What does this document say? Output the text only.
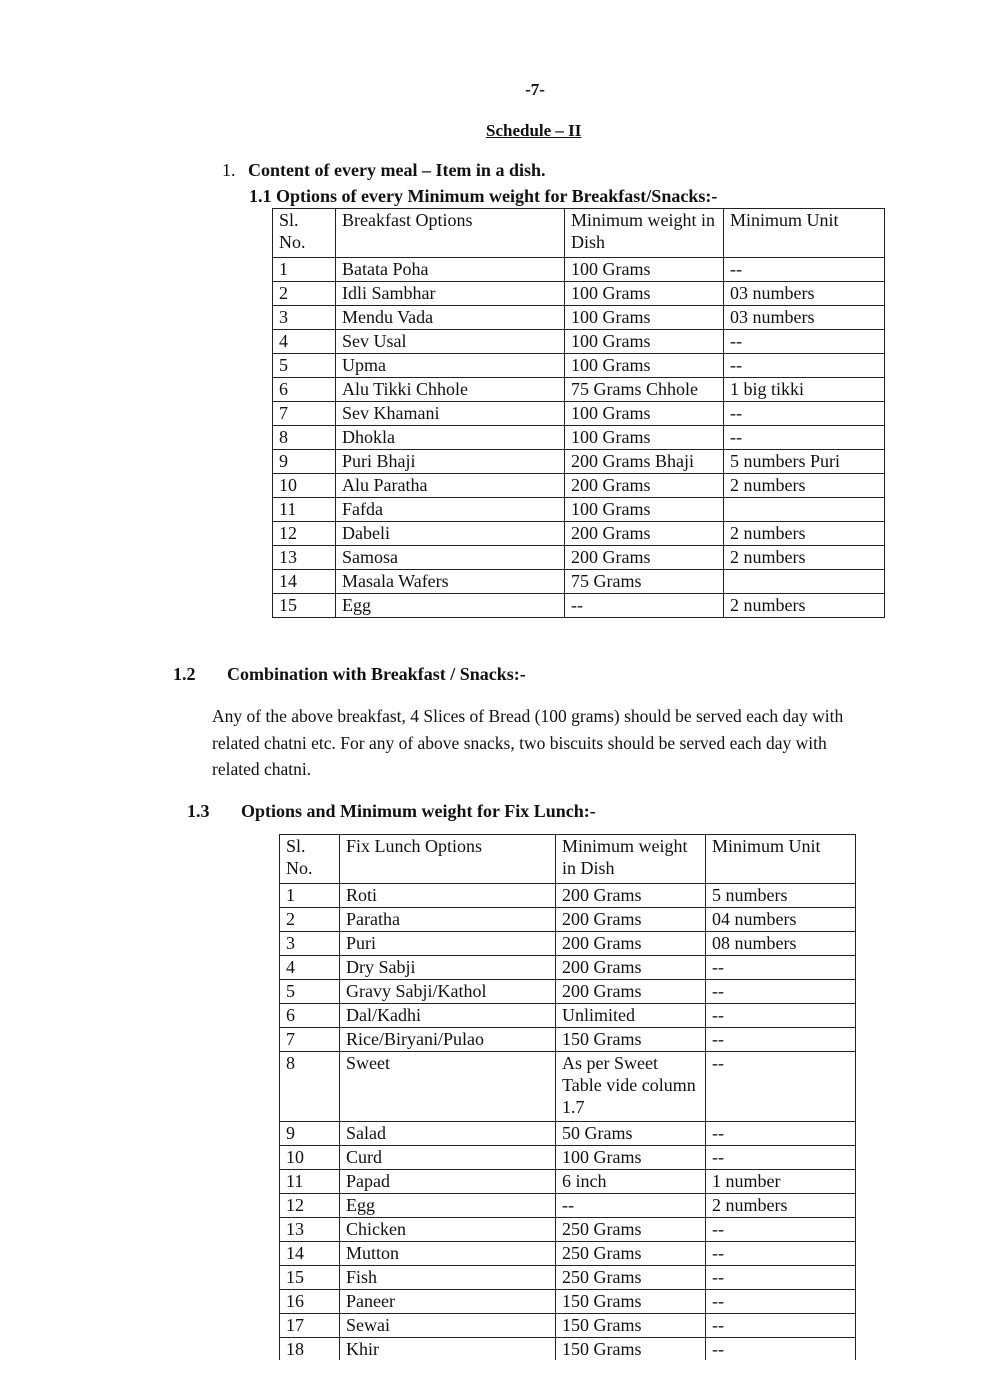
-7-
Schedule – II
1. Content of every meal – Item in a dish.
1.1 Options of every Minimum weight for Breakfast/Snacks:-
Sl. No.	Breakfast Options	Minimum weight in Dish	Minimum Unit
1	Batata Poha	100 Grams	--
2	Idli Sambhar	100 Grams	03 numbers
3	Mendu Vada	100 Grams	03 numbers
4	Sev Usal	100 Grams	--
5	Upma	100 Grams	--
6	Alu Tikki Chhole	75 Grams Chhole	1 big tikki
7	Sev Khamani	100 Grams	--
8	Dhokla	100 Grams	--
9	Puri Bhaji	200 Grams Bhaji	5 numbers Puri
10	Alu Paratha	200 Grams	2 numbers
11	Fafda	100 Grams	
12	Dabeli	200 Grams	2 numbers
13	Samosa	200 Grams	2 numbers
14	Masala Wafers	75 Grams	
15	Egg	--	2 numbers
1.2 Combination with Breakfast / Snacks:-
Any of the above breakfast, 4 Slices of Bread (100 grams) should be served each day with related chatni etc. For any of above snacks, two biscuits should be served each day with related chatni.
1.3 Options and Minimum weight for Fix Lunch:-
Sl. No.	Fix Lunch Options	Minimum weight in Dish	Minimum Unit
1	Roti	200 Grams	5 numbers
2	Paratha	200 Grams	04 numbers
3	Puri	200 Grams	08 numbers
4	Dry Sabji	200 Grams	--
5	Gravy Sabji/Kathol	200 Grams	--
6	Dal/Kadhi	Unlimited	--
7	Rice/Biryani/Pulao	150 Grams	--
8	Sweet	As per Sweet Table vide column 1.7	--
9	Salad	50 Grams	--
10	Curd	100 Grams	--
11	Papad	6 inch	1 number
12	Egg	--	2 numbers
13	Chicken	250 Grams	--
14	Mutton	250 Grams	--
15	Fish	250 Grams	--
16	Paneer	150 Grams	--
17	Sewai	150 Grams	--
18	Khir	150 Grams	--
